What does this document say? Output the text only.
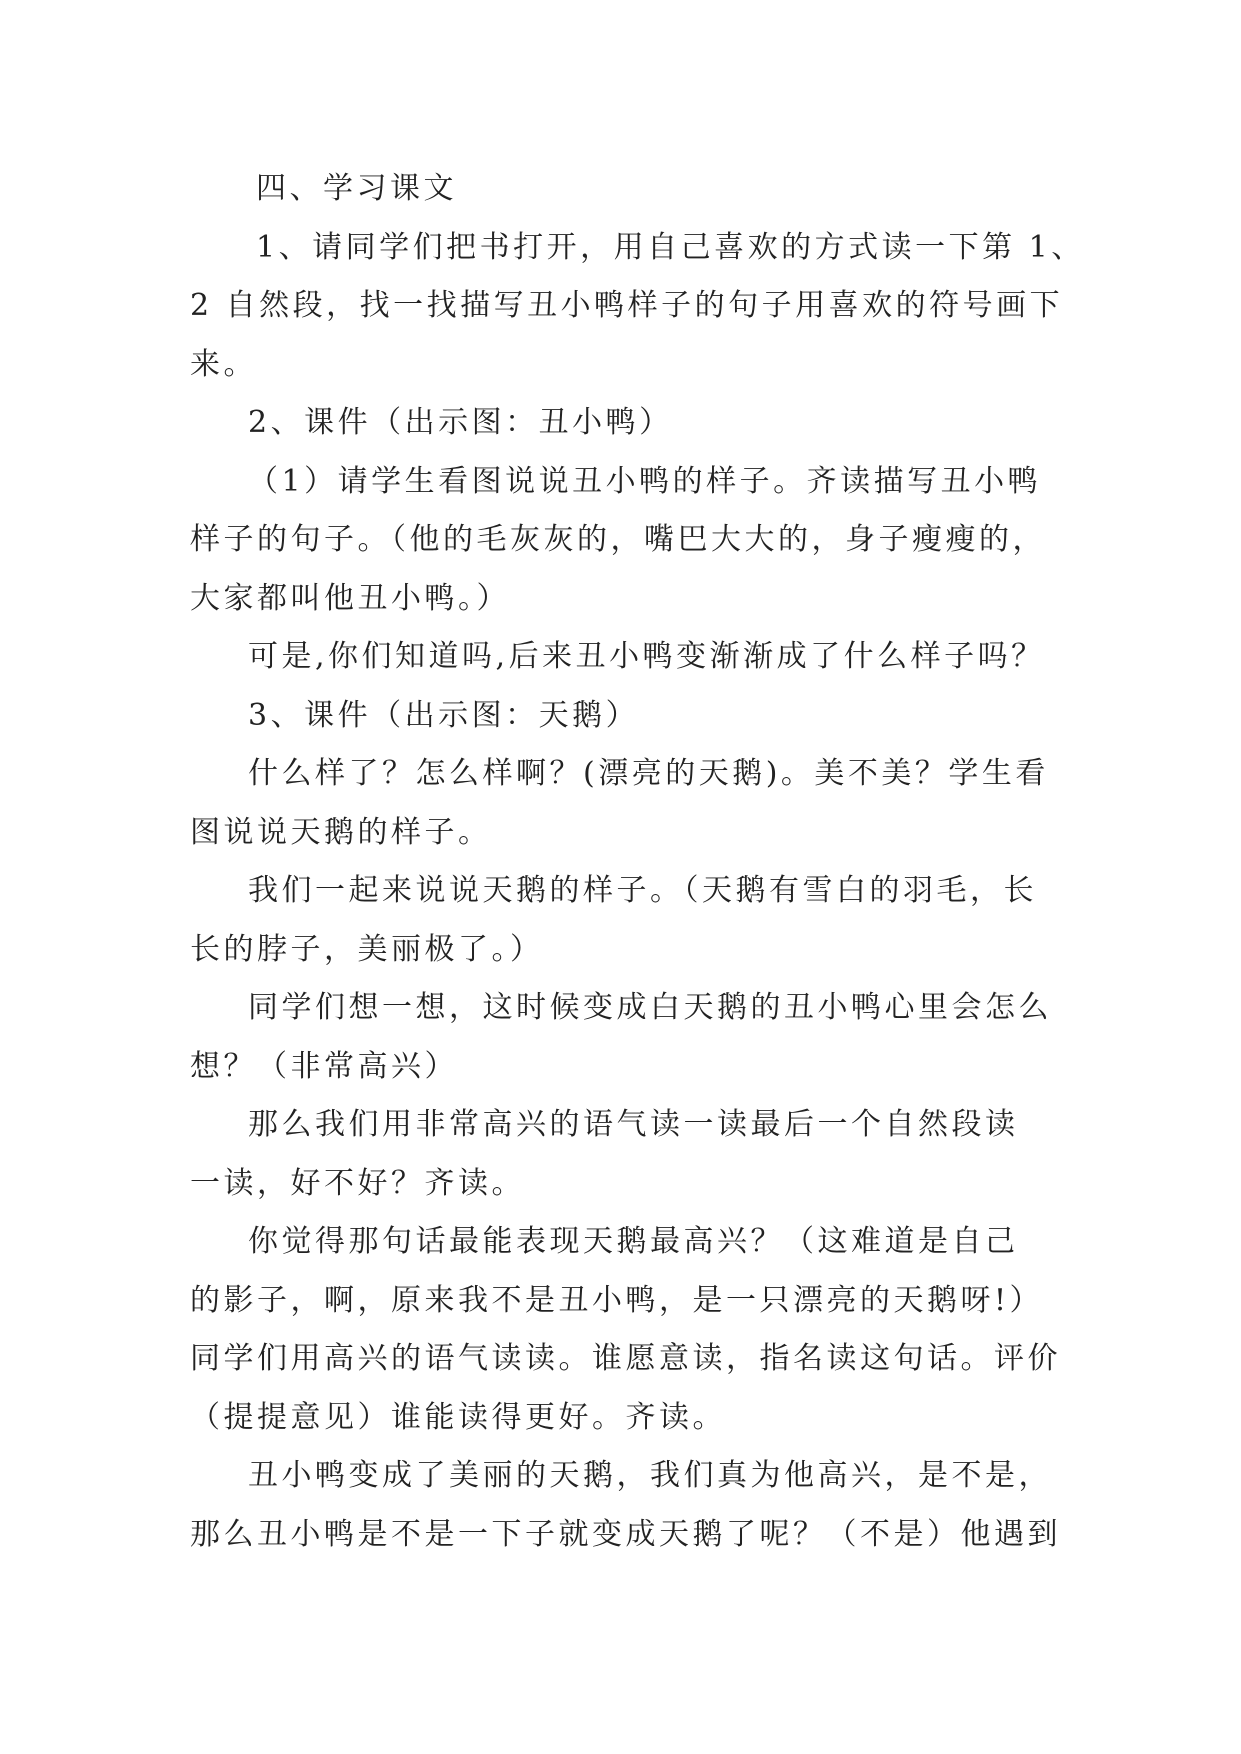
四、学习课文
1、请同学们把书打开，用自己喜欢的方式读一下第 1、
2 自然段，找一找描写丑小鸭样子的句子用喜欢的符号画下
来。
2、课件（出示图：丑小鸭）
（1）请学生看图说说丑小鸭的样子。齐读描写丑小鸭
样子的句子。（他的毛灰灰的，嘴巴大大的，身子瘦瘦的，
大家都叫他丑小鸭。）
可是,你们知道吗,后来丑小鸭变渐渐成了什么样子吗？
3、课件（出示图：天鹅）
什么样了？怎么样啊？(漂亮的天鹅)。美不美？学生看
图说说天鹅的样子。
我们一起来说说天鹅的样子。（天鹅有雪白的羽毛，长
长的脖子，美丽极了。）
同学们想一想，这时候变成白天鹅的丑小鸭心里会怎么
想？（非常高兴）
那么我们用非常高兴的语气读一读最后一个自然段读
一读，好不好？齐读。
你觉得那句话最能表现天鹅最高兴？（这难道是自己
的影子，啊，原来我不是丑小鸭，是一只漂亮的天鹅呀!）
同学们用高兴的语气读读。谁愿意读，指名读这句话。评价
（提提意见）谁能读得更好。齐读。
丑小鸭变成了美丽的天鹅，我们真为他高兴，是不是，
那么丑小鸭是不是一下子就变成天鹅了呢？（不是）他遇到
